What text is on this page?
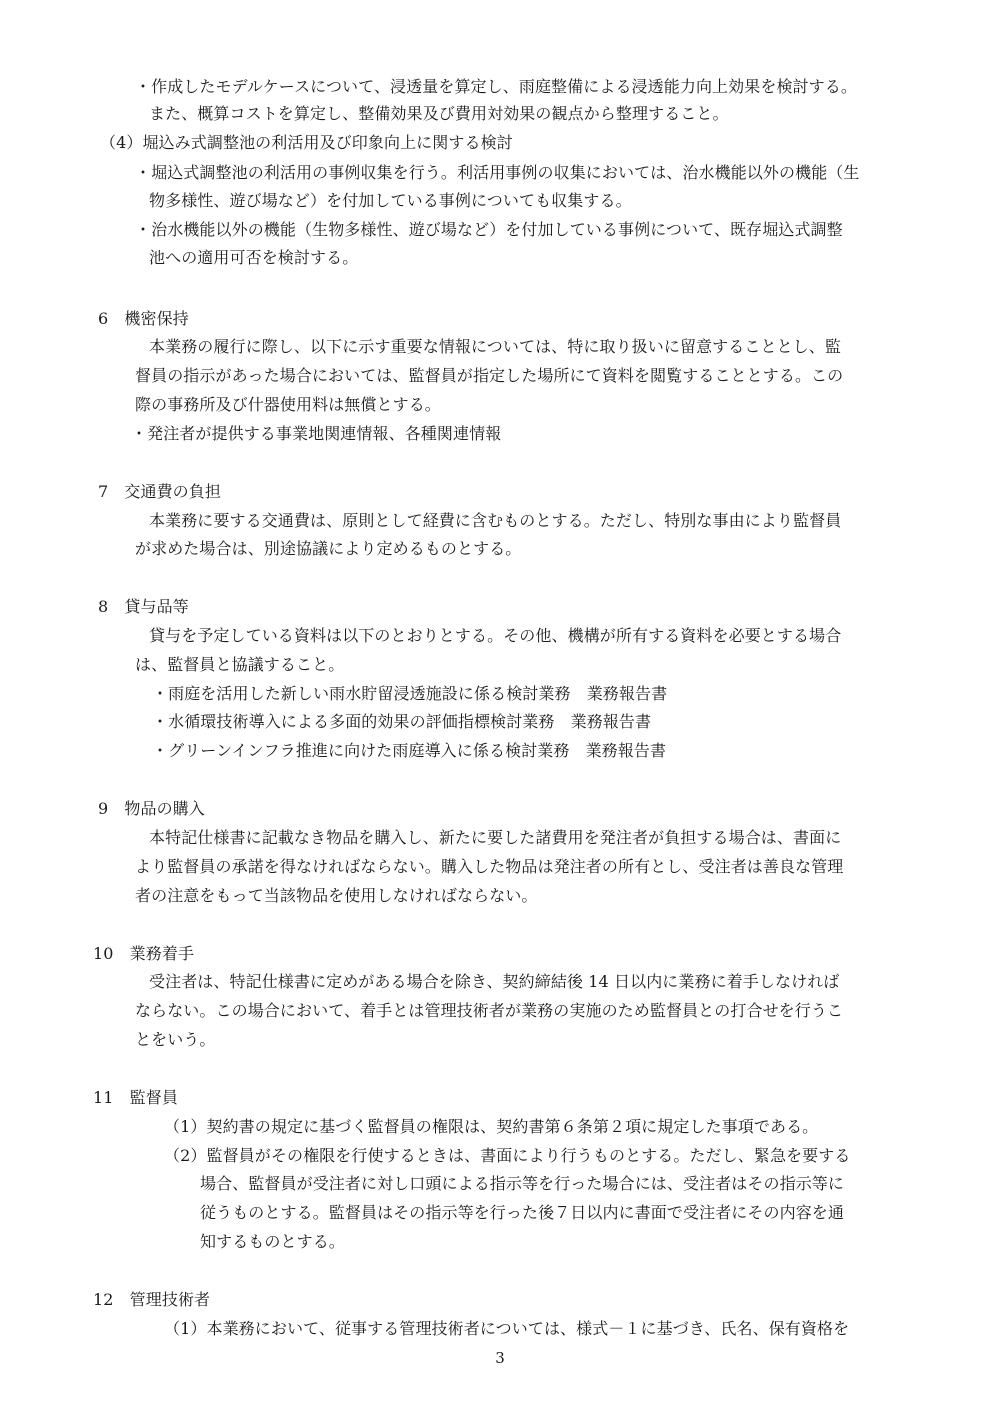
・作成したモデルケースについて、浸透量を算定し、雨庭整備による浸透能力向上効果を検討する。
また、概算コストを算定し、整備効果及び費用対効果の観点から整理すること。
（4）堀込み式調整池の利活用及び印象向上に関する検討
・堀込式調整池の利活用の事例収集を行う。利活用事例の収集においては、治水機能以外の機能（生
物多様性、遊び場など）を付加している事例についても収集する。
・治水機能以外の機能（生物多様性、遊び場など）を付加している事例について、既存堀込式調整
池への適用可否を検討する。
6　機密保持
本業務の履行に際し、以下に示す重要な情報については、特に取り扱いに留意することとし、監
督員の指示があった場合においては、監督員が指定した場所にて資料を閲覧することとする。この
際の事務所及び什器使用料は無償とする。
・発注者が提供する事業地関連情報、各種関連情報
7　交通費の負担
本業務に要する交通費は、原則として経費に含むものとする。ただし、特別な事由により監督員
が求めた場合は、別途協議により定めるものとする。
8　貸与品等
貸与を予定している資料は以下のとおりとする。その他、機構が所有する資料を必要とする場合
は、監督員と協議すること。
・雨庭を活用した新しい雨水貯留浸透施設に係る検討業務　業務報告書
・水循環技術導入による多面的効果の評価指標検討業務　業務報告書
・グリーンインフラ推進に向けた雨庭導入に係る検討業務　業務報告書
9　物品の購入
本特記仕様書に記載なき物品を購入し、新たに要した諸費用を発注者が負担する場合は、書面に
より監督員の承諾を得なければならない。購入した物品は発注者の所有とし、受注者は善良な管理
者の注意をもって当該物品を使用しなければならない。
10　業務着手
受注者は、特記仕様書に定めがある場合を除き、契約締結後 14 日以内に業務に着手しなければ
ならない。この場合において、着手とは管理技術者が業務の実施のため監督員との打合せを行うこ
とをいう。
11　監督員
（1）契約書の規定に基づく監督員の権限は、契約書第６条第２項に規定した事項である。
（2）監督員がその権限を行使するときは、書面により行うものとする。ただし、緊急を要する
場合、監督員が受注者に対し口頭による指示等を行った場合には、受注者はその指示等に
従うものとする。監督員はその指示等を行った後７日以内に書面で受注者にその内容を通
知するものとする。
12　管理技術者
（1）本業務において、従事する管理技術者については、様式－１に基づき、氏名、保有資格を
3
